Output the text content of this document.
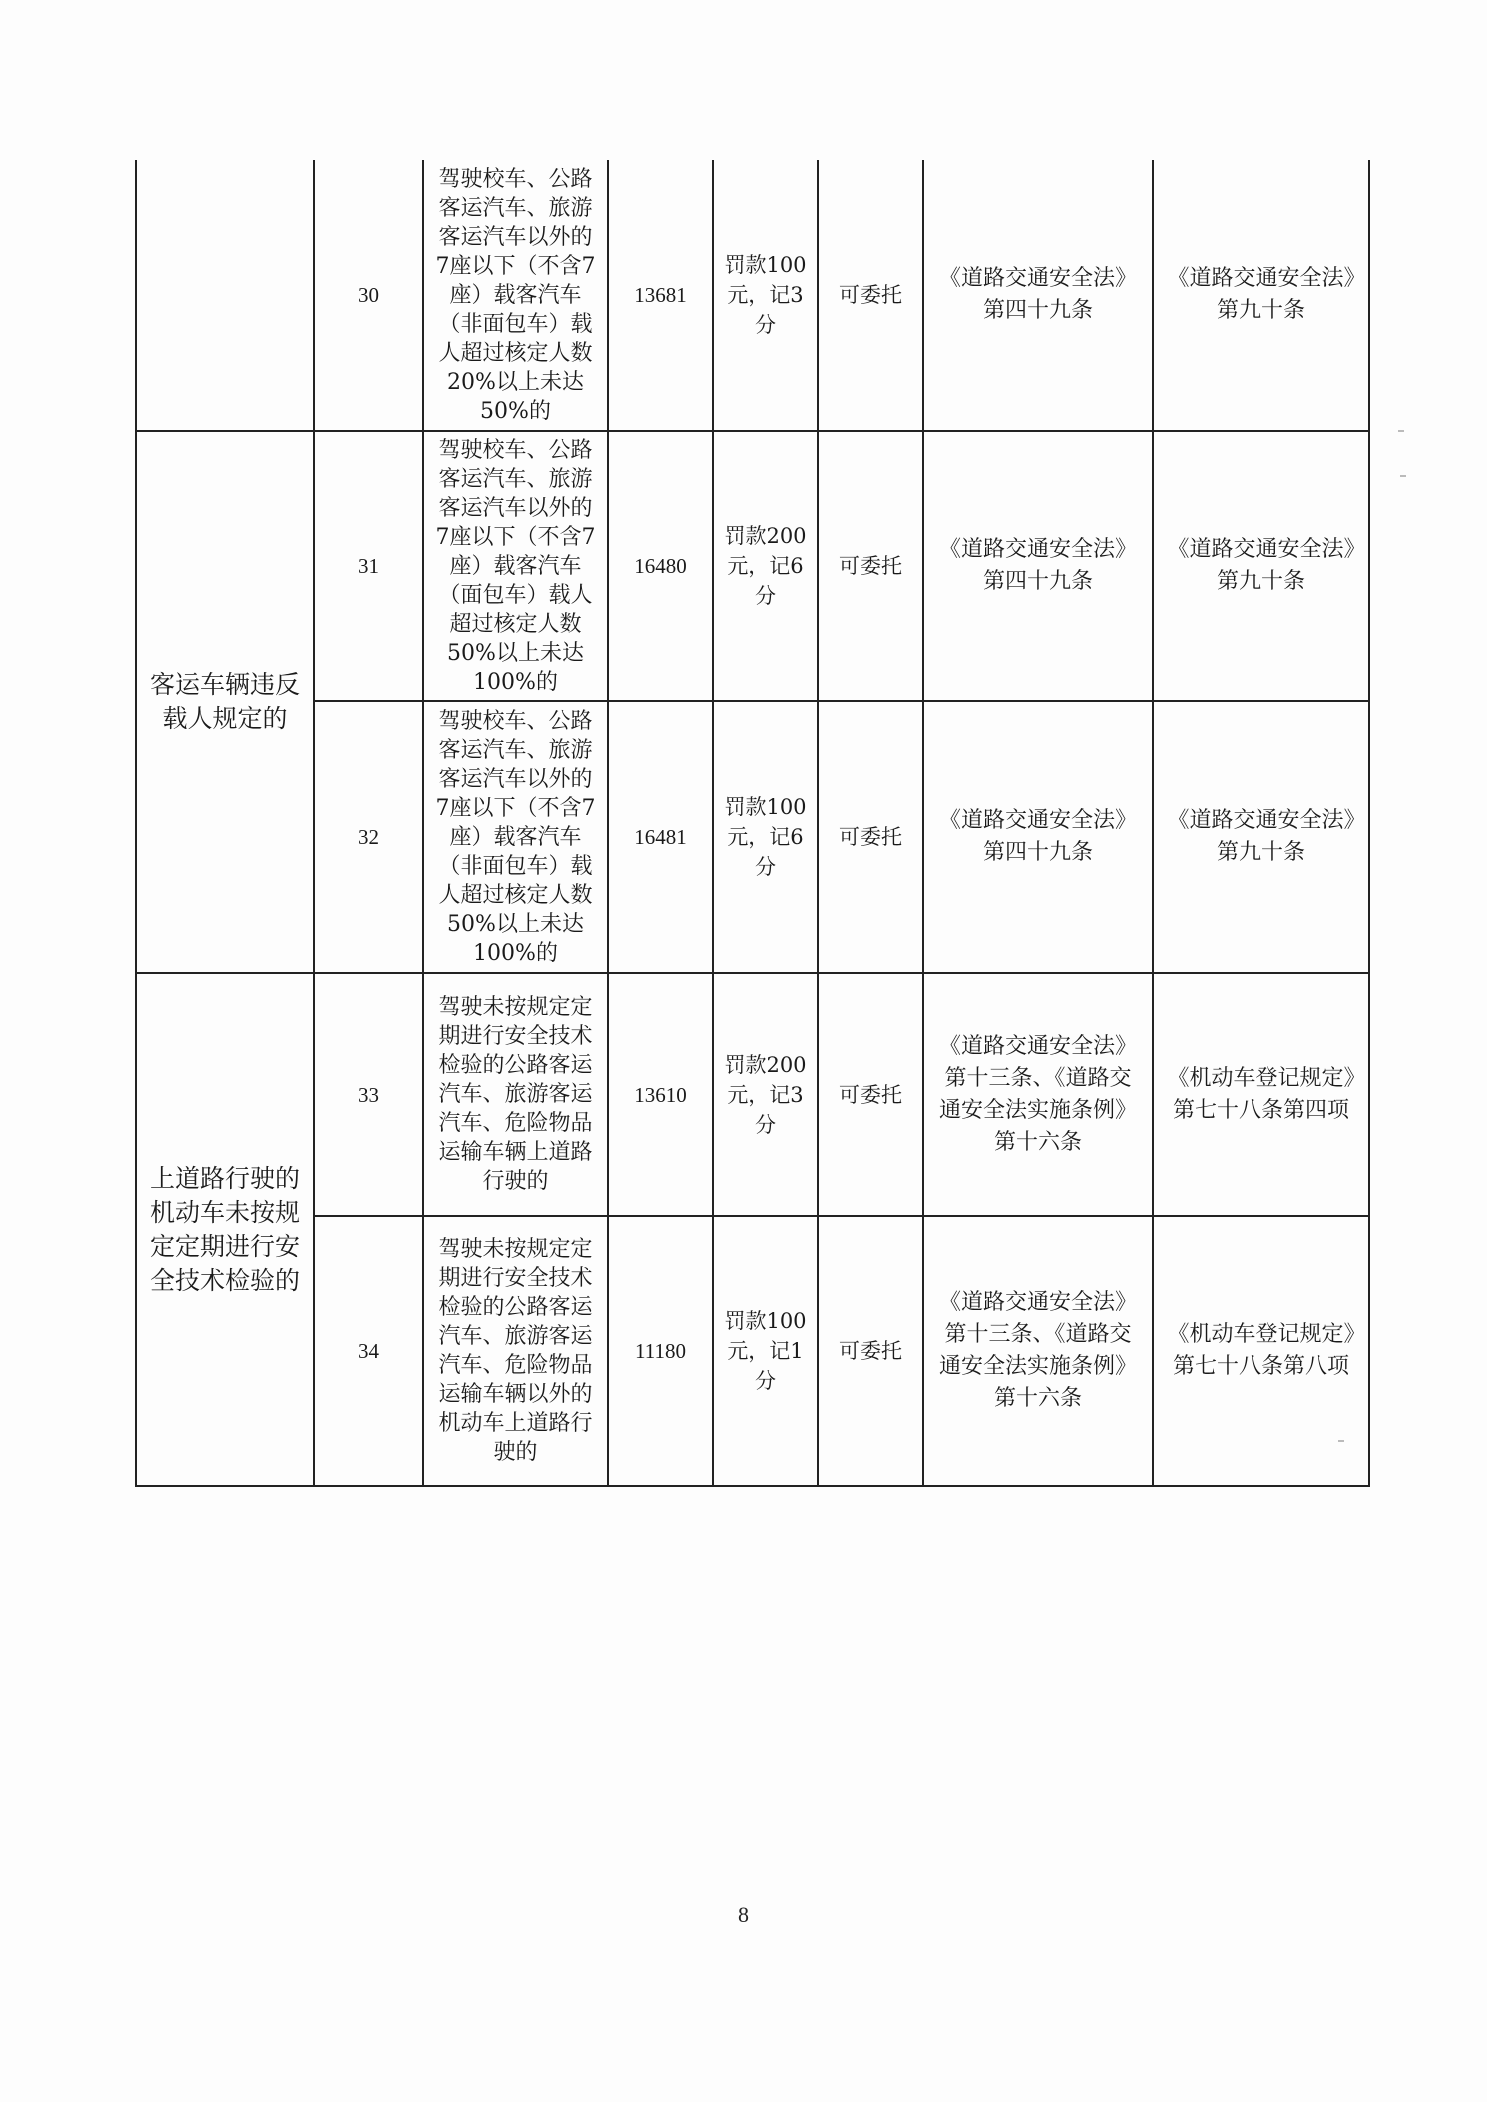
	30	驾驶校车、公路客运汽车、旅游客运汽车以外的7座以下（不含7座）载客汽车（非面包车）载人超过核定人数20%以上未达50%的	13681	罚款100元，记3分	可委托	《道路交通安全法》第四十九条	《道路交通安全法》第九十条
客运车辆违反载人规定的	31	驾驶校车、公路客运汽车、旅游客运汽车以外的7座以下（不含7座）载客汽车（面包车）载人超过核定人数50%以上未达100%的	16480	罚款200元，记6分	可委托	《道路交通安全法》第四十九条	《道路交通安全法》第九十条
	32	驾驶校车、公路客运汽车、旅游客运汽车以外的7座以下（不含7座）载客汽车（非面包车）载人超过核定人数50%以上未达100%的	16481	罚款100元，记6分	可委托	《道路交通安全法》第四十九条	《道路交通安全法》第九十条
上道路行驶的机动车未按规定定期进行安全技术检验的	33	驾驶未按规定定期进行安全技术检验的公路客运汽车、旅游客运汽车、危险物品运输车辆上道路行驶的	13610	罚款200元，记3分	可委托	《道路交通安全法》第十三条、《道路交通安全法实施条例》第十六条	《机动车登记规定》第七十八条第四项
	34	驾驶未按规定定期进行安全技术检验的公路客运汽车、旅游客运汽车、危险物品运输车辆以外的机动车上道路行驶的	11180	罚款100元，记1分	可委托	《道路交通安全法》第十三条、《道路交通安全法实施条例》第十六条	《机动车登记规定》第七十八条第八项
8
